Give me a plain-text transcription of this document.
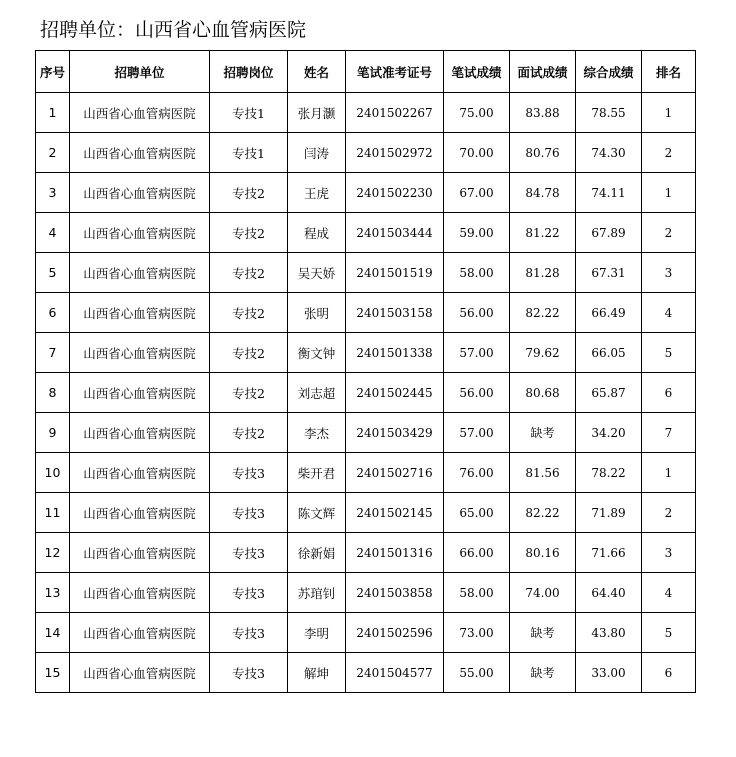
招聘单位：山西省心血管病医院
序号	招聘单位	招聘岗位	姓名	笔试准考证号	笔试成绩	面试成绩	综合成绩	排名
1	山西省心血管病医院	专技1	张月灏	2401502267	75.00	83.88	78.55	1
2	山西省心血管病医院	专技1	闫涛	2401502972	70.00	80.76	74.30	2
3	山西省心血管病医院	专技2	王虎	2401502230	67.00	84.78	74.11	1
4	山西省心血管病医院	专技2	程成	2401503444	59.00	81.22	67.89	2
5	山西省心血管病医院	专技2	吴天娇	2401501519	58.00	81.28	67.31	3
6	山西省心血管病医院	专技2	张明	2401503158	56.00	82.22	66.49	4
7	山西省心血管病医院	专技2	衡文钟	2401501338	57.00	79.62	66.05	5
8	山西省心血管病医院	专技2	刘志超	2401502445	56.00	80.68	65.87	6
9	山西省心血管病医院	专技2	李杰	2401503429	57.00	缺考	34.20	7
10	山西省心血管病医院	专技3	柴开君	2401502716	76.00	81.56	78.22	1
11	山西省心血管病医院	专技3	陈文辉	2401502145	65.00	82.22	71.89	2
12	山西省心血管病医院	专技3	徐新娟	2401501316	66.00	80.16	71.66	3
13	山西省心血管病医院	专技3	苏琯钊	2401503858	58.00	74.00	64.40	4
14	山西省心血管病医院	专技3	李明	2401502596	73.00	缺考	43.80	5
15	山西省心血管病医院	专技3	解坤	2401504577	55.00	缺考	33.00	6
